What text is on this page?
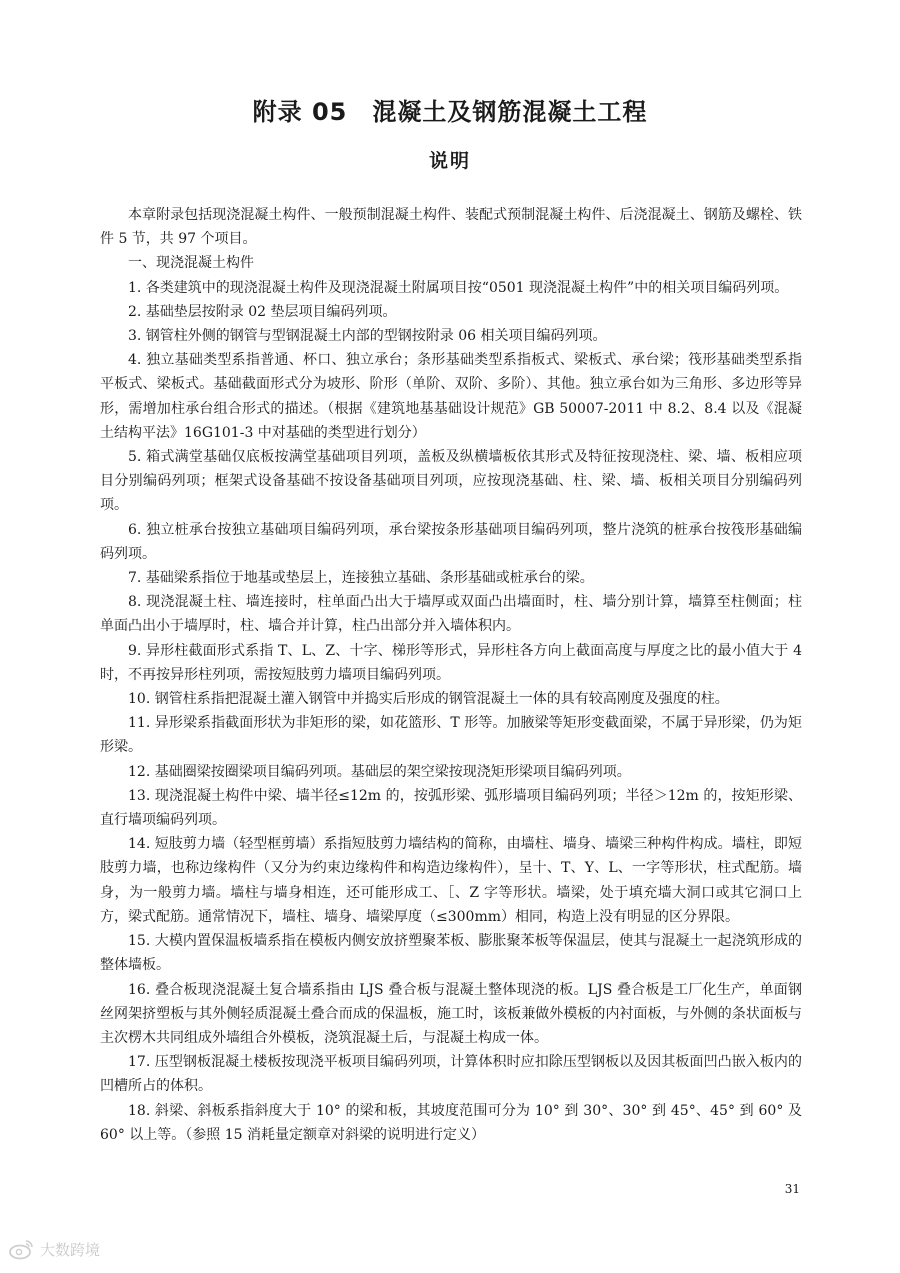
附录 05　混凝土及钢筋混凝土工程
说明

本章附录包括现浇混凝土构件、一般预制混凝土构件、装配式预制混凝土构件、后浇混凝土、钢筋及螺栓、铁件 5 节，共 97 个项目。

一、现浇混凝土构件

1. 各类建筑中的现浇混凝土构件及现浇混凝土附属项目按“0501 现浇混凝土构件”中的相关项目编码列项。

2. 基础垫层按附录 02 垫层项目编码列项。

3. 钢管柱外侧的钢管与型钢混凝土内部的型钢按附录 06 相关项目编码列项。

4. 独立基础类型系指普通、杯口、独立承台；条形基础类型系指板式、梁板式、承台梁；筏形基础类型系指平板式、梁板式。基础截面形式分为坡形、阶形（单阶、双阶、多阶）、其他。独立承台如为三角形、多边形等异形，需增加柱承台组合形式的描述。（根据《建筑地基基础设计规范》GB 50007-2011 中 8.2、8.4 以及《混凝土结构平法》16G101-3 中对基础的类型进行划分）

5. 箱式满堂基础仅底板按满堂基础项目列项，盖板及纵横墙板依其形式及特征按现浇柱、梁、墙、板相应项目分别编码列项；框架式设备基础不按设备基础项目列项，应按现浇基础、柱、梁、墙、板相关项目分别编码列项。

6. 独立桩承台按独立基础项目编码列项，承台梁按条形基础项目编码列项，整片浇筑的桩承台按筏形基础编码列项。

7. 基础梁系指位于地基或垫层上，连接独立基础、条形基础或桩承台的梁。

8. 现浇混凝土柱、墙连接时，柱单面凸出大于墙厚或双面凸出墙面时，柱、墙分别计算，墙算至柱侧面；柱单面凸出小于墙厚时，柱、墙合并计算，柱凸出部分并入墙体积内。

9. 异形柱截面形式系指 T、L、Z、十字、梯形等形式，异形柱各方向上截面高度与厚度之比的最小值大于 4 时，不再按异形柱列项，需按短肢剪力墙项目编码列项。

10. 钢管柱系指把混凝土灌入钢管中并捣实后形成的钢管混凝土一体的具有较高刚度及强度的柱。

11. 异形梁系指截面形状为非矩形的梁，如花篮形、T 形等。加腋梁等矩形变截面梁，不属于异形梁，仍为矩形梁。

12. 基础圈梁按圈梁项目编码列项。基础层的架空梁按现浇矩形梁项目编码列项。

13. 现浇混凝土构件中梁、墙半径≤12m 的，按弧形梁、弧形墙项目编码列项；半径＞12m 的，按矩形梁、直行墙项编码列项。

14. 短肢剪力墙（轻型框剪墙）系指短肢剪力墙结构的简称，由墙柱、墙身、墙梁三种构件构成。墙柱，即短肢剪力墙，也称边缘构件（又分为约束边缘构件和构造边缘构件），呈十、T、Y、L、一字等形状，柱式配筋。墙身，为一般剪力墙。墙柱与墙身相连，还可能形成工、［、Z 字等形状。墙梁，处于填充墙大洞口或其它洞口上方，梁式配筋。通常情况下，墙柱、墙身、墙梁厚度（≤300mm）相同，构造上没有明显的区分界限。

15. 大模内置保温板墙系指在模板内侧安放挤塑聚苯板、膨胀聚苯板等保温层，使其与混凝土一起浇筑形成的整体墙板。

16. 叠合板现浇混凝土复合墙系指由 LJS 叠合板与混凝土整体现浇的板。LJS 叠合板是工厂化生产，单面钢丝网架挤塑板与其外侧轻质混凝土叠合而成的保温板，施工时，该板兼做外模板的内衬面板，与外侧的条状面板与主次楞木共同组成外墙组合外模板，浇筑混凝土后，与混凝土构成一体。

17. 压型钢板混凝土楼板按现浇平板项目编码列项，计算体积时应扣除压型钢板以及因其板面凹凸嵌入板内的凹槽所占的体积。

18. 斜梁、斜板系指斜度大于 10° 的梁和板，其坡度范围可分为 10° 到 30°、30° 到 45°、45° 到 60° 及 60° 以上等。（参照 15 消耗量定额章对斜梁的说明进行定义）

31
大数跨境
